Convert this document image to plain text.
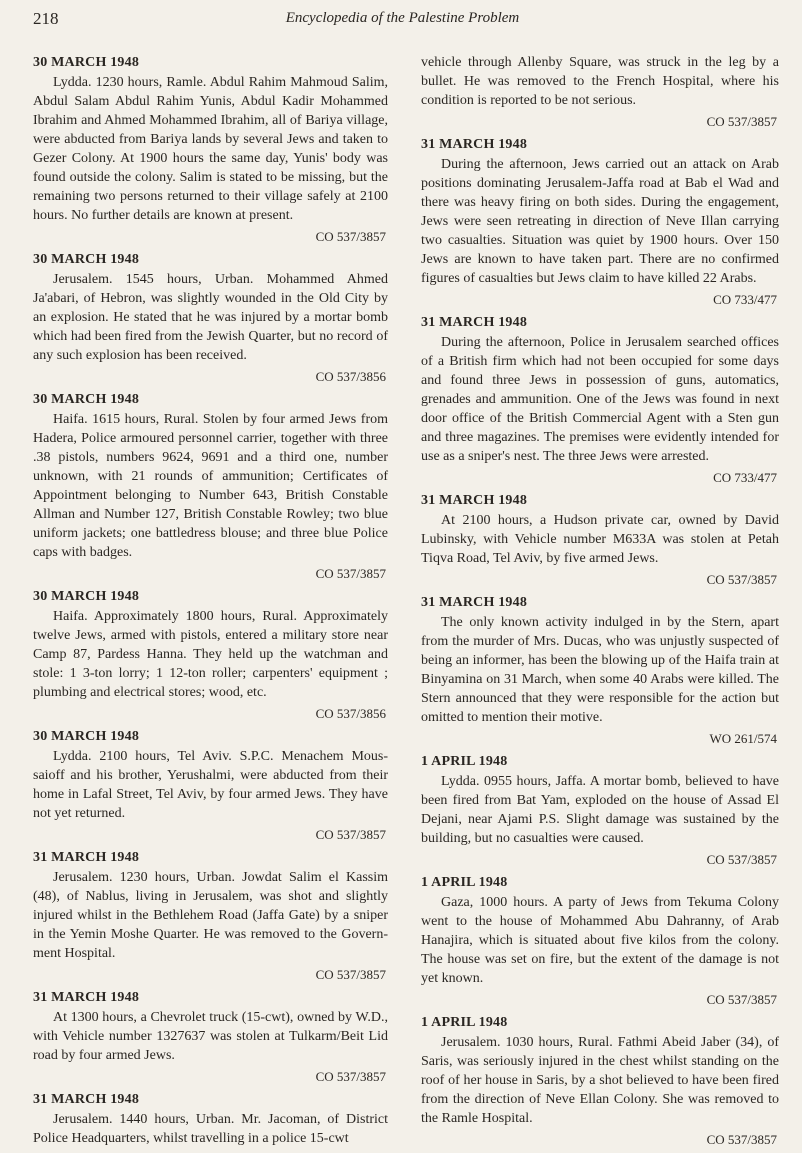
218	Encyclopedia of the Palestine Problem
30 MARCH 1948

Lydda. 1230 hours, Ramle. Abdul Rahim Mahmoud Salim, Abdul Salam Abdul Rahim Yunis, Abdul Kadir Mohammed Ibrahim and Ahmed Mohammed Ibrahim, all of Bariya village, were abducted from Bariya lands by several Jews and taken to Gezer Colony. At 1900 hours the same day, Yunis' body was found outside the colony. Salim is stated to be missing, but the remaining two persons returned to their village safely at 2100 hours. No further details are known at present.

CO 537/3857
30 MARCH 1948

Jerusalem. 1545 hours, Urban. Mohammed Ahmed Ja'abari, of Hebron, was slightly wounded in the Old City by an explosion. He stated that he was injured by a mortar bomb which had been fired from the Jewish Quarter, but no record of any such explosion has been received.

CO 537/3856
30 MARCH 1948

Haifa. 1615 hours, Rural. Stolen by four armed Jews from Hadera, Police armoured personnel carrier, together with three .38 pistols, numbers 9624, 9691 and a third one, number unknown, with 21 rounds of ammunition; Certificates of Appointment belonging to Number 643, British Constable Allman and Number 127, British Constable Rowley; two blue uniform jackets; one battledress blouse; and three blue Police caps with badges.

CO 537/3857
30 MARCH 1948

Haifa. Approximately 1800 hours, Rural. Approximately twelve Jews, armed with pistols, entered a military store near Camp 87, Pardess Hanna. They held up the watchman and stole: 1 3-ton lorry; 1 12-ton roller; carpenters' equipment ; plumbing and electrical stores; wood, etc.

CO 537/3856
30 MARCH 1948

Lydda. 2100 hours, Tel Aviv. S.P.C. Menachem Mous-saioff and his brother, Yerushalmi, were abducted from their home in Lafal Street, Tel Aviv, by four armed Jews. They have not yet returned.

CO 537/3857
31 MARCH 1948

Jerusalem. 1230 hours, Urban. Jowdat Salim el Kassim (48), of Nablus, living in Jerusalem, was shot and slightly injured whilst in the Bethlehem Road (Jaffa Gate) by a sniper in the Yemin Moshe Quarter. He was removed to the Govern-ment Hospital.

CO 537/3857
31 MARCH 1948

At 1300 hours, a Chevrolet truck (15-cwt), owned by W.D., with Vehicle number 1327637 was stolen at Tulkarm/Beit Lid road by four armed Jews.

CO 537/3857
31 MARCH 1948

Jerusalem. 1440 hours, Urban. Mr. Jacoman, of District Police Headquarters, whilst travelling in a police 15-cwt

vehicle through Allenby Square, was struck in the leg by a bullet. He was removed to the French Hospital, where his condition is reported to be not serious.

CO 537/3857
31 MARCH 1948

During the afternoon, Jews carried out an attack on Arab positions dominating Jerusalem-Jaffa road at Bab el Wad and there was heavy firing on both sides. During the engagement, Jews were seen retreating in direction of Neve Illan carrying two casualties. Situation was quiet by 1900 hours. Over 150 Jews are known to have taken part. There are no confirmed figures of casualties but Jews claim to have killed 22 Arabs.

CO 733/477
31 MARCH 1948

During the afternoon, Police in Jerusalem searched offices of a British firm which had not been occupied for some days and found three Jews in possession of guns, automatics, grenades and ammunition. One of the Jews was found in next door office of the British Commercial Agent with a Sten gun and three magazines. The premises were evidently intended for use as a sniper's nest. The three Jews were arrested.

CO 733/477
31 MARCH 1948

At 2100 hours, a Hudson private car, owned by David Lubinsky, with Vehicle number M633A was stolen at Petah Tiqva Road, Tel Aviv, by five armed Jews.

CO 537/3857
31 MARCH 1948

The only known activity indulged in by the Stern, apart from the murder of Mrs. Ducas, who was unjustly suspected of being an informer, has been the blowing up of the Haifa train at Binyamina on 31 March, when some 40 Arabs were killed. The Stern announced that they were responsible for the action but omitted to mention their motive.

WO 261/574
1 APRIL 1948

Lydda. 0955 hours, Jaffa. A mortar bomb, believed to have been fired from Bat Yam, exploded on the house of Assad El Dejani, near Ajami P.S. Slight damage was sustained by the building, but no casualties were caused.

CO 537/3857
1 APRIL 1948

Gaza, 1000 hours. A party of Jews from Tekuma Colony went to the house of Mohammed Abu Dahranny, of Arab Hanajira, which is situated about five kilos from the colony. The house was set on fire, but the extent of the damage is not yet known.

CO 537/3857
1 APRIL 1948

Jerusalem. 1030 hours, Rural. Fathmi Abeid Jaber (34), of Saris, was seriously injured in the chest whilst standing on the roof of her house in Saris, by a shot believed to have been fired from the direction of Neve Ellan Colony. She was removed to the Ramle Hospital.

CO 537/3857
